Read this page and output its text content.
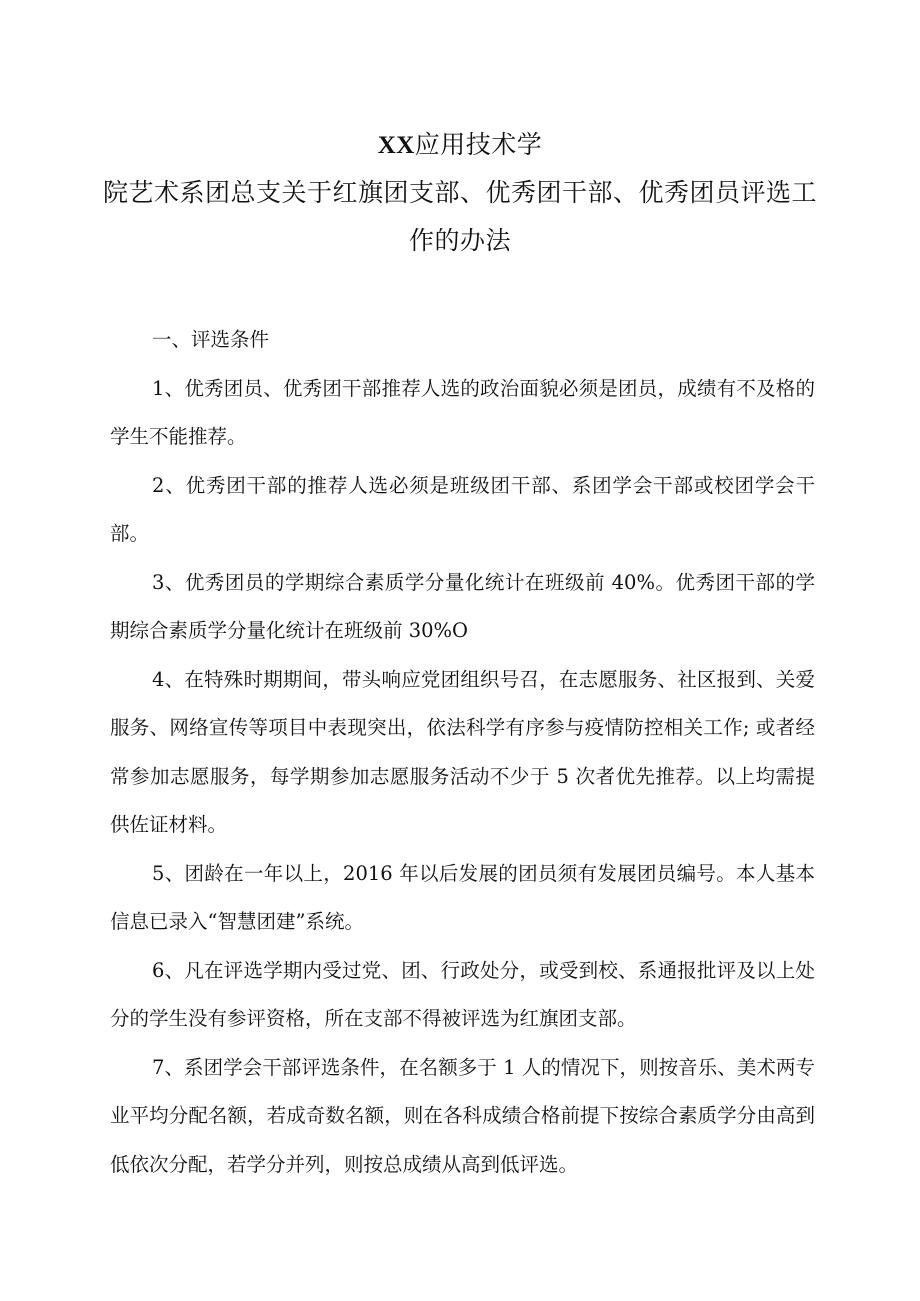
XX应用技术学
院艺术系团总支关于红旗团支部、优秀团干部、优秀团员评选工
作的办法

一、评选条件

1、优秀团员、优秀团干部推荐人选的政治面貌必须是团员，成绩有不及格的学生不能推荐。

2、优秀团干部的推荐人选必须是班级团干部、系团学会干部或校团学会干部。

3、优秀团员的学期综合素质学分量化统计在班级前 40%。优秀团干部的学期综合素质学分量化统计在班级前 30%O

4、在特殊时期期间，带头响应党团组织号召，在志愿服务、社区报到、关爱服务、网络宣传等项目中表现突出，依法科学有序参与疫情防控相关工作; 或者经常参加志愿服务，每学期参加志愿服务活动不少于 5 次者优先推荐。以上均需提供佐证材料。

5、团龄在一年以上，2016 年以后发展的团员须有发展团员编号。本人基本信息已录入“智慧团建”系统。

6、凡在评选学期内受过党、团、行政处分，或受到校、系通报批评及以上处分的学生没有参评资格，所在支部不得被评选为红旗团支部。

7、系团学会干部评选条件，在名额多于 1 人的情况下，则按音乐、美术两专业平均分配名额，若成奇数名额，则在各科成绩合格前提下按综合素质学分由高到低依次分配，若学分并列，则按总成绩从高到低评选。
